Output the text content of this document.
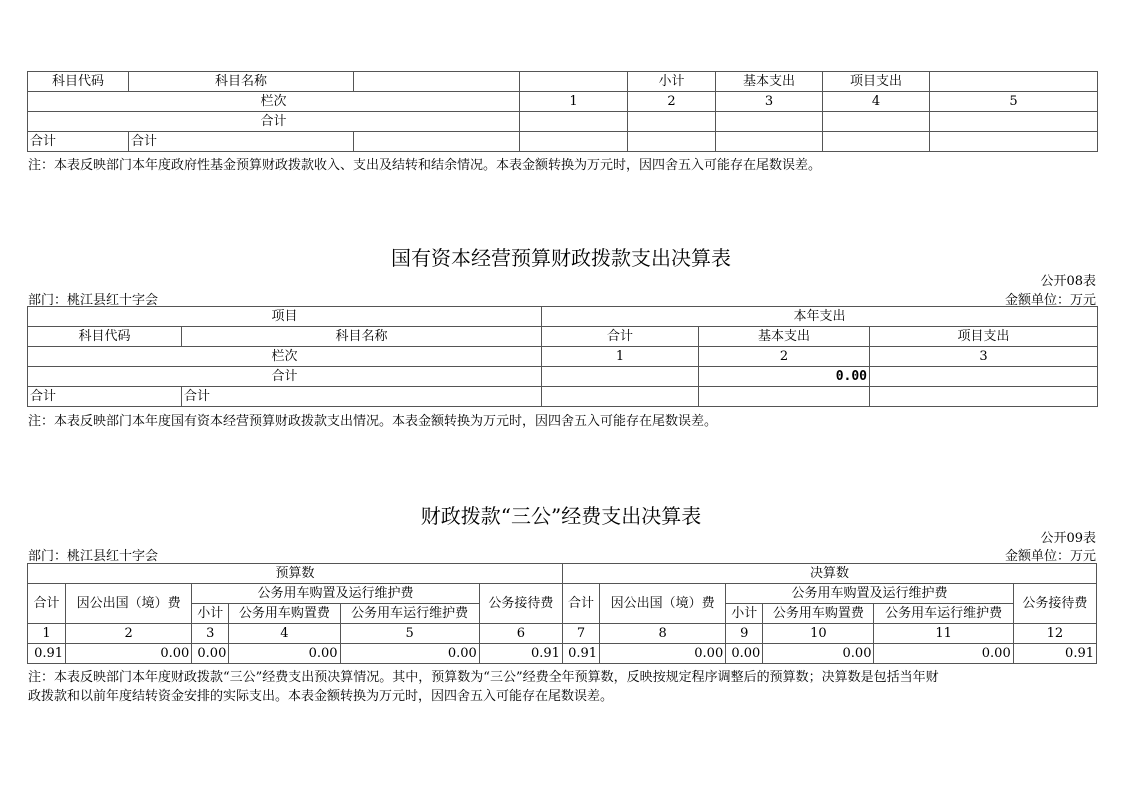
科目代码	科目名称			小计	基本支出	项目支出		
栏次			1	2	3	4	5	
合计								
合计	合计							
注：本表反映部门本年度政府性基金预算财政拨款收入、支出及结转和结余情况。本表金额转换为万元时，因四舍五入可能存在尾数误差。
国有资本经营预算财政拨款支出决算表
公开08表
部门：桃江县红十字会	金额单位：万元
项目		本年支出		
科目代码	科目名称	合计	基本支出	项目支出
栏次		1	2	3
合计			0.00	
合计	合计			
注：本表反映部门本年度国有资本经营预算财政拨款支出情况。本表金额转换为万元时，因四舍五入可能存在尾数误差。
财政拨款“三公”经费支出决算表
公开09表
部门：桃江县红十字会	金额单位：万元
预算数						决算数					
合计	因公出国（境）费	公务用车购置及运行维护费			公务接待费	合计	因公出国（境）费	公务用车购置及运行维护费			公务接待费
		小计	公务用车购置费	公务用车运行维护费				小计	公务用车购置费	公务用车运行维护费	
1	2	3	4	5	6	7	8	9	10	11	12
0.91	0.00	0.00	0.00	0.00	0.91	0.91	0.00	0.00	0.00	0.00	0.91
注：本表反映部门本年度财政拨款“三公”经费支出预决算情况。其中，预算数为“三公”经费全年预算数，反映按规定程序调整后的预算数；决算数是包括当年财
政拨款和以前年度结转资金安排的实际支出。本表金额转换为万元时，因四舍五入可能存在尾数误差。
